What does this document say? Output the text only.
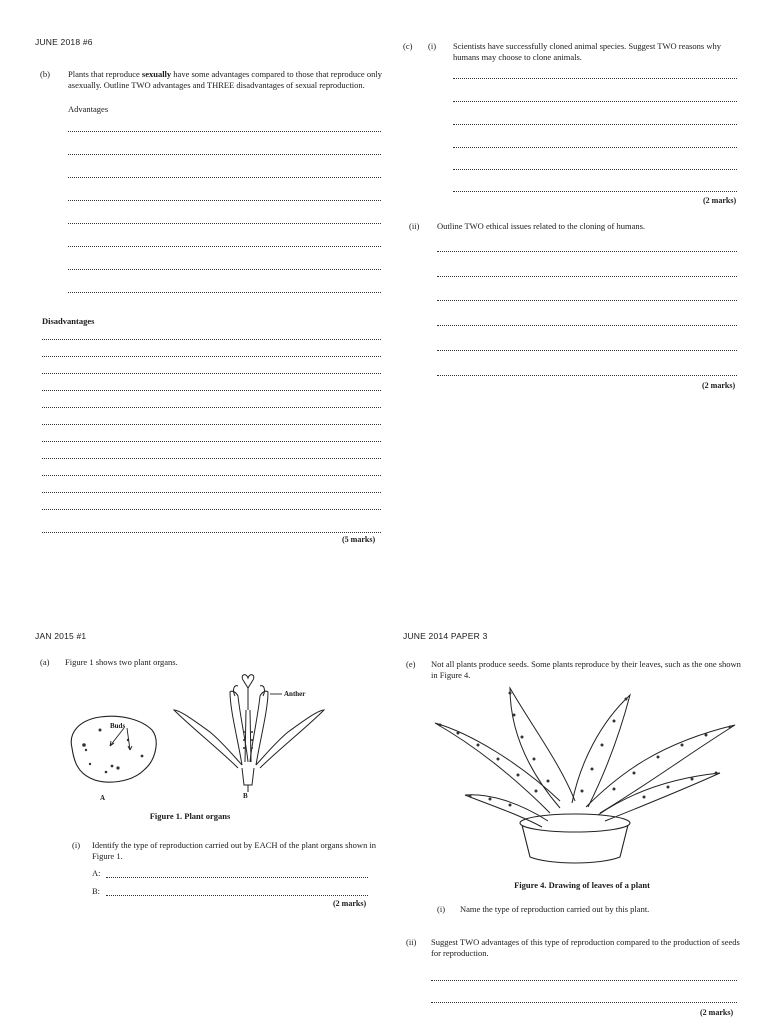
JUNE 2018 #6
(b) Plants that reproduce sexually have some advantages compared to those that reproduce only asexually. Outline TWO advantages and THREE disadvantages of sexual reproduction.
Advantages
Disadvantages
(5 marks)
(c) (i) Scientists have successfully cloned animal species. Suggest TWO reasons why humans may choose to clone animals.
(2 marks)
(ii) Outline TWO ethical issues related to the cloning of humans.
(2 marks)
JAN 2015 #1
(a) Figure 1 shows two plant organs.
Buds
Anther
A	B
Figure 1. Plant organs
(i) Identify the type of reproduction carried out by EACH of the plant organs shown in Figure 1.
A:
B:
(2 marks)
JUNE 2014 PAPER 3
(e) Not all plants produce seeds. Some plants reproduce by their leaves, such as the one shown in Figure 4.
Figure 4. Drawing of leaves of a plant
(i) Name the type of reproduction carried out by this plant.
(ii) Suggest TWO advantages of this type of reproduction compared to the production of seeds for reproduction.
(2 marks)
